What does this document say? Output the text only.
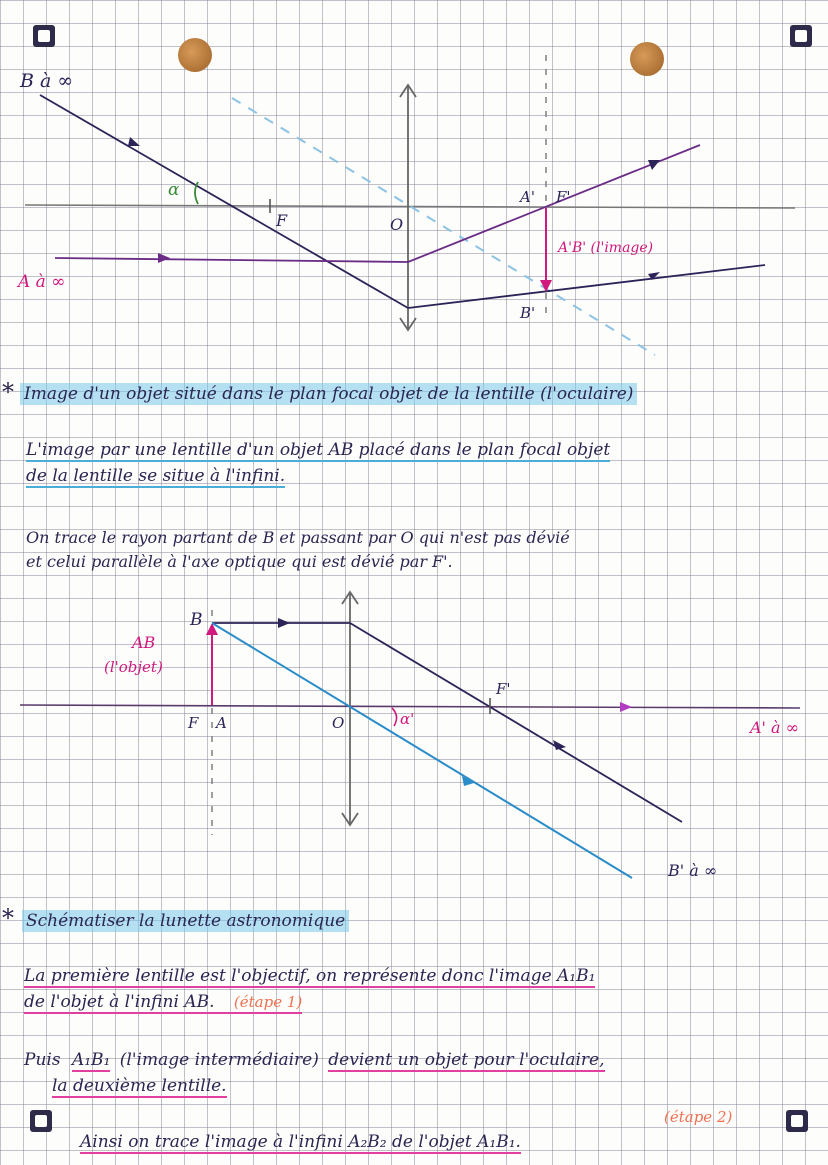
B à ∞
A à ∞
α
F	O
A' F'
B'
A'B' (l'image)
* Image d'un objet situé dans le plan focal objet de la lentille (l'oculaire)
L'image par une lentille d'un objet AB placé dans le plan focal objet
de la lentille se situe à l'infini.
On trace le rayon partant de B et passant par O qui n'est pas dévié
et celui parallèle à l'axe optique qui est dévié par F'.
B
AB
(l'objet)
F A	O	α'
F'
A' à ∞
B' à ∞
* Schématiser la lunette astronomique
La première lentille est l'objectif, on représente donc l'image A₁B₁
de l'objet à l'infini AB. (étape 1)
Puis A₁B₁ (l'image intermédiaire) devient un objet pour l'oculaire,
la deuxième lentille.
(étape 2)
Ainsi on trace l'image à l'infini A₂B₂ de l'objet A₁B₁.
